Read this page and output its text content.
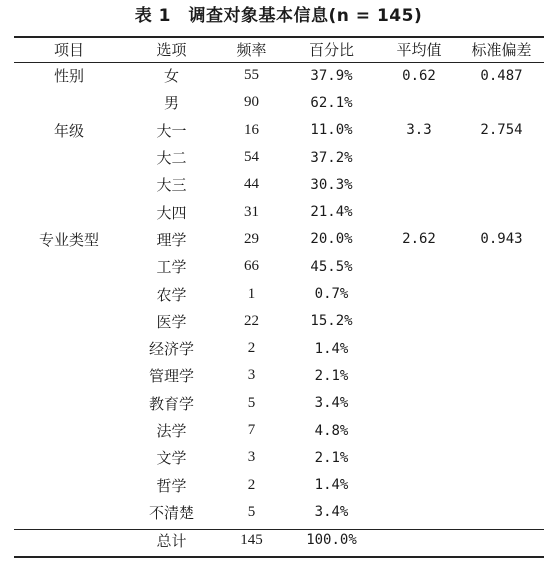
表 1　调查对象基本信息(n = 145)
项目	选项	频率	百分比	平均值	标准偏差
性别	女	55	37.9%	0.62	0.487
	男	90	62.1%		
年级	大一	16	11.0%	3.3	2.754
	大二	54	37.2%		
	大三	44	30.3%		
	大四	31	21.4%		
专业类型	理学	29	20.0%	2.62	0.943
	工学	66	45.5%		
	农学	1	0.7%		
	医学	22	15.2%		
	经济学	2	1.4%		
	管理学	3	2.1%		
	教育学	5	3.4%		
	法学	7	4.8%		
	文学	3	2.1%		
	哲学	2	1.4%		
	不清楚	5	3.4%		
	总计	145	100.0%		
